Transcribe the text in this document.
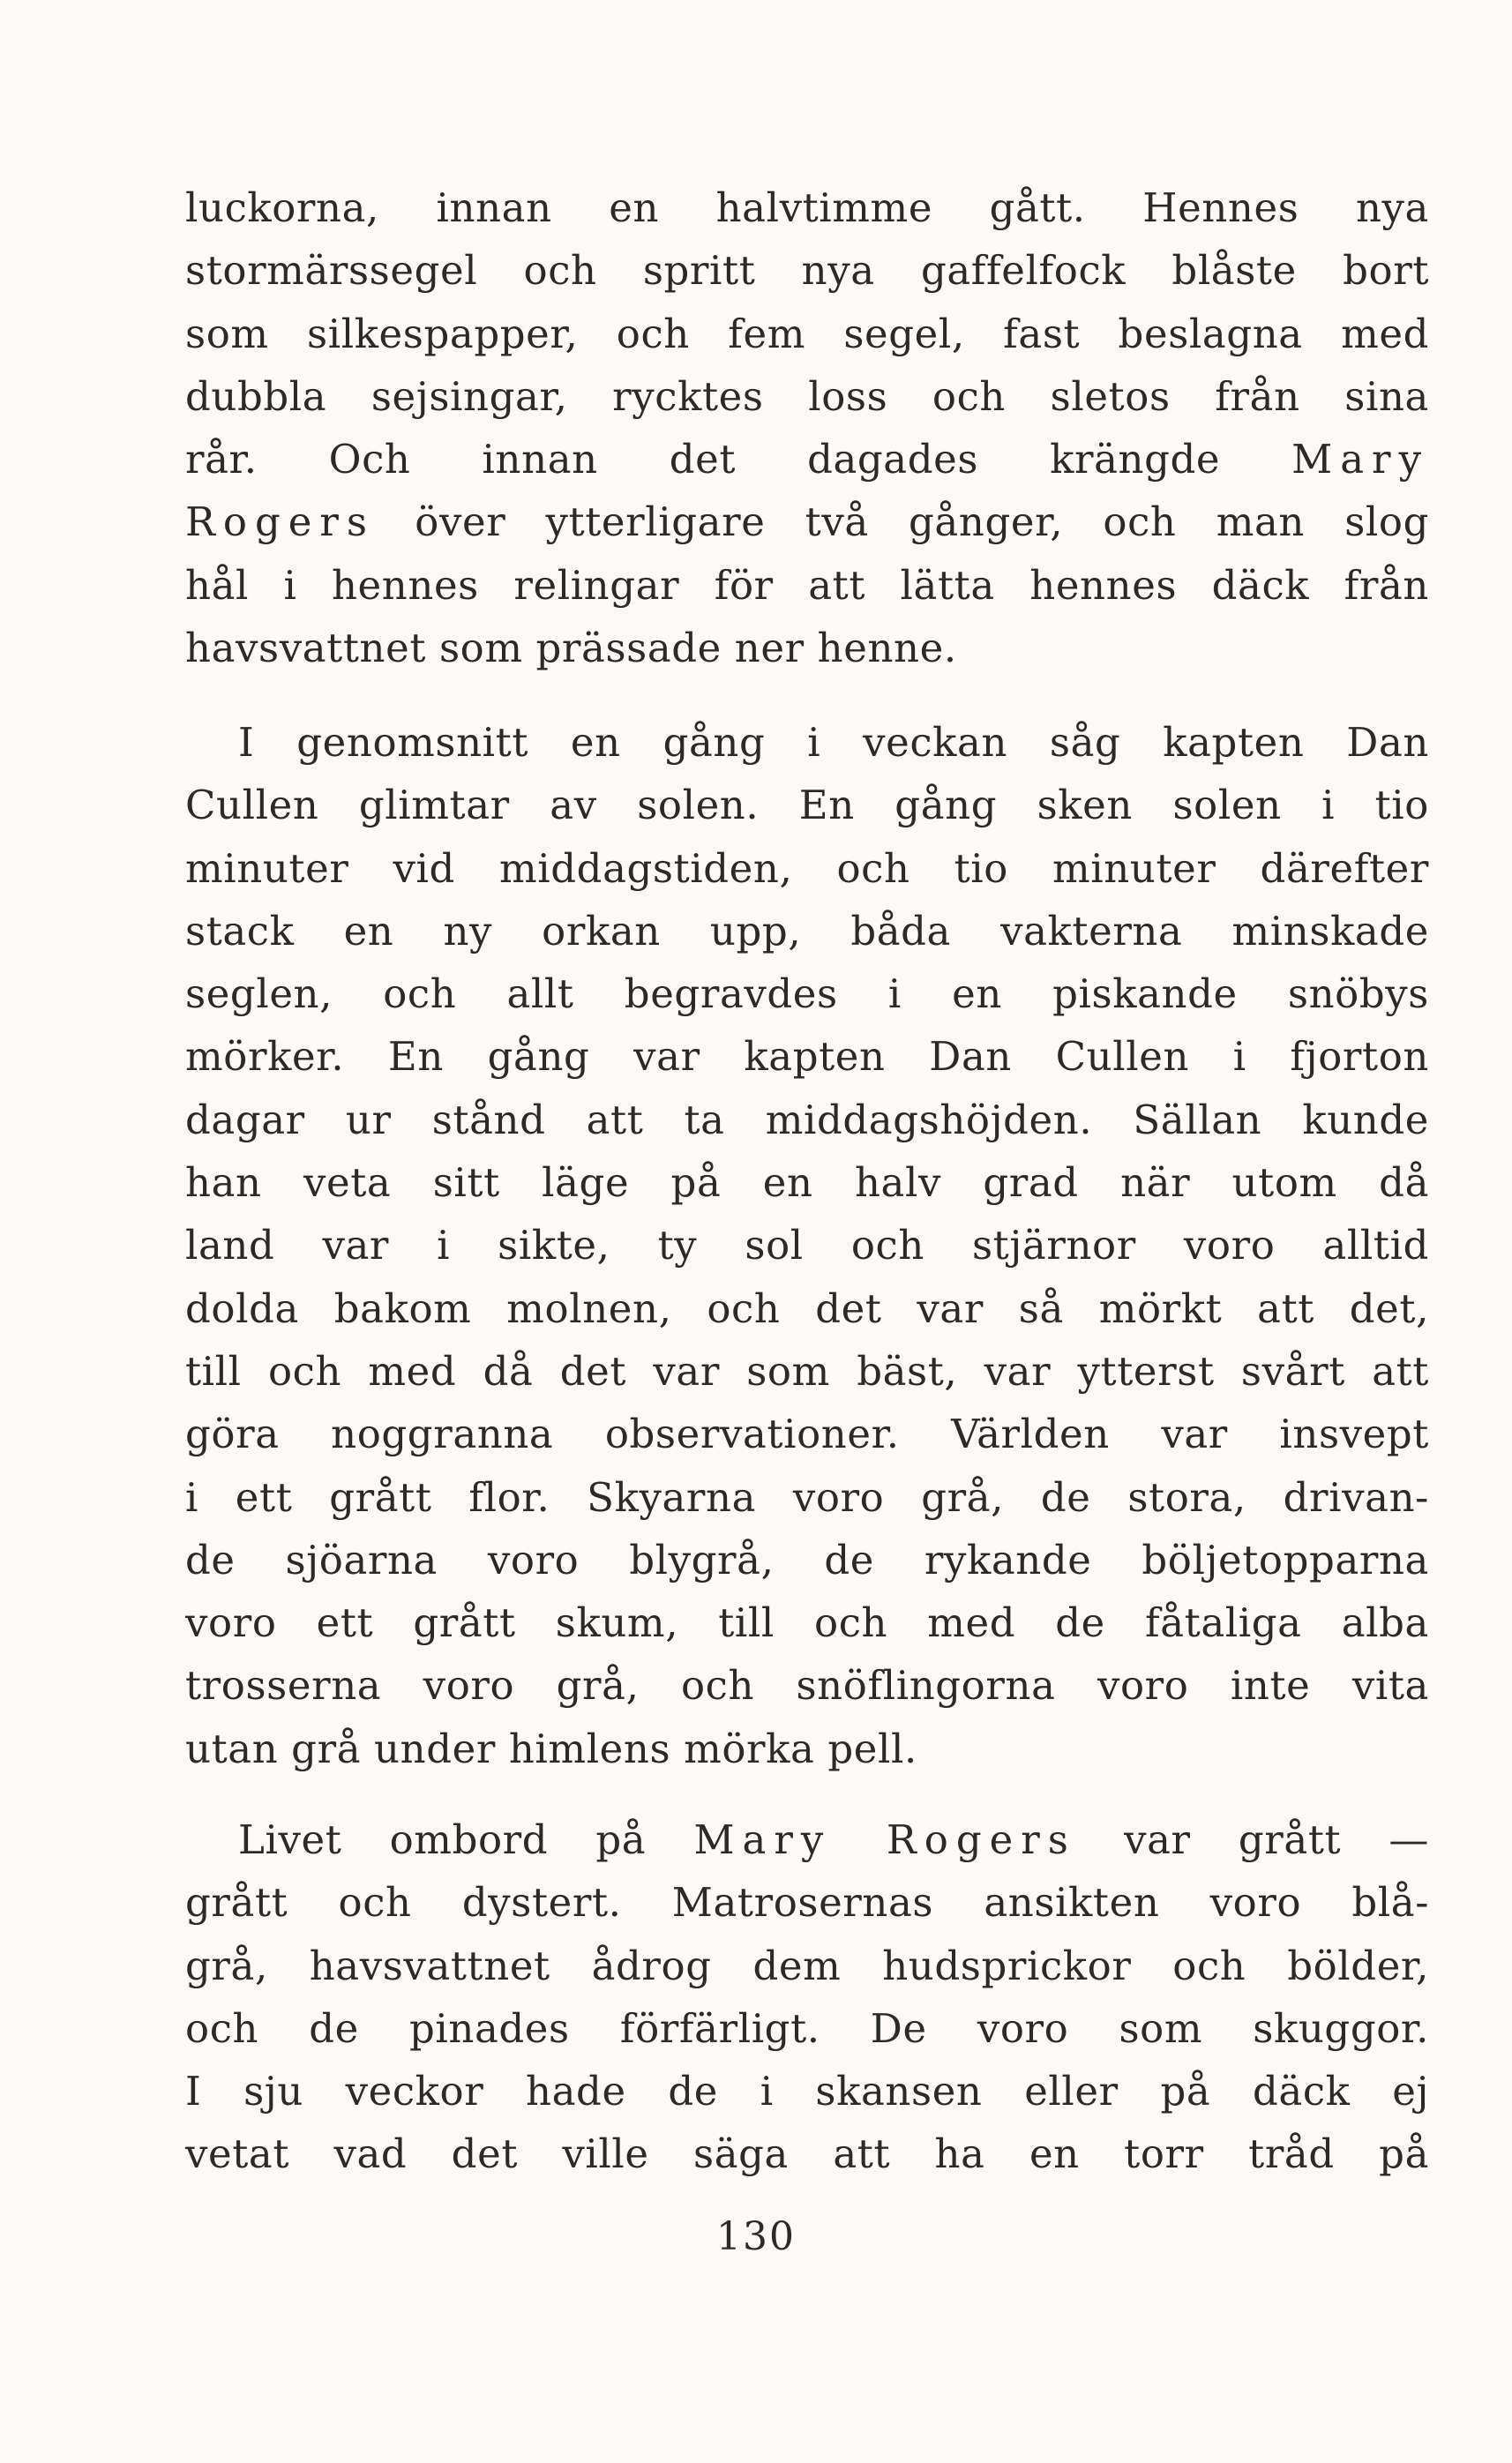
luckorna, innan en halvtimme gått. Hennes nya
stormärssegel och spritt nya gaffelfock blåste bort
som silkespapper, och fem segel, fast beslagna med
dubbla sejsingar, rycktes loss och sletos från sina
rår. Och innan det dagades krängde Mary
Rogers över ytterligare två gånger, och man slog
hål i hennes relingar för att lätta hennes däck från
havsvattnet som prässade ner henne.
I genomsnitt en gång i veckan såg kapten Dan
Cullen glimtar av solen. En gång sken solen i tio
minuter vid middagstiden, och tio minuter därefter
stack en ny orkan upp, båda vakterna minskade
seglen, och allt begravdes i en piskande snöbys
mörker. En gång var kapten Dan Cullen i fjorton
dagar ur stånd att ta middagshöjden. Sällan kunde
han veta sitt läge på en halv grad när utom då
land var i sikte, ty sol och stjärnor voro alltid
dolda bakom molnen, och det var så mörkt att det,
till och med då det var som bäst, var ytterst svårt att
göra noggranna observationer. Världen var insvept
i ett grått flor. Skyarna voro grå, de stora, drivan-
de sjöarna voro blygrå, de rykande böljetopparna
voro ett grått skum, till och med de fåtaliga alba
trosserna voro grå, och snöflingorna voro inte vita
utan grå under himlens mörka pell.
Livet ombord på Mary Rogers var grått —
grått och dystert. Matrosernas ansikten voro blå-
grå, havsvattnet ådrog dem hudsprickor och bölder,
och de pinades förfärligt. De voro som skuggor.
I sju veckor hade de i skansen eller på däck ej
vetat vad det ville säga att ha en torr tråd på
130
